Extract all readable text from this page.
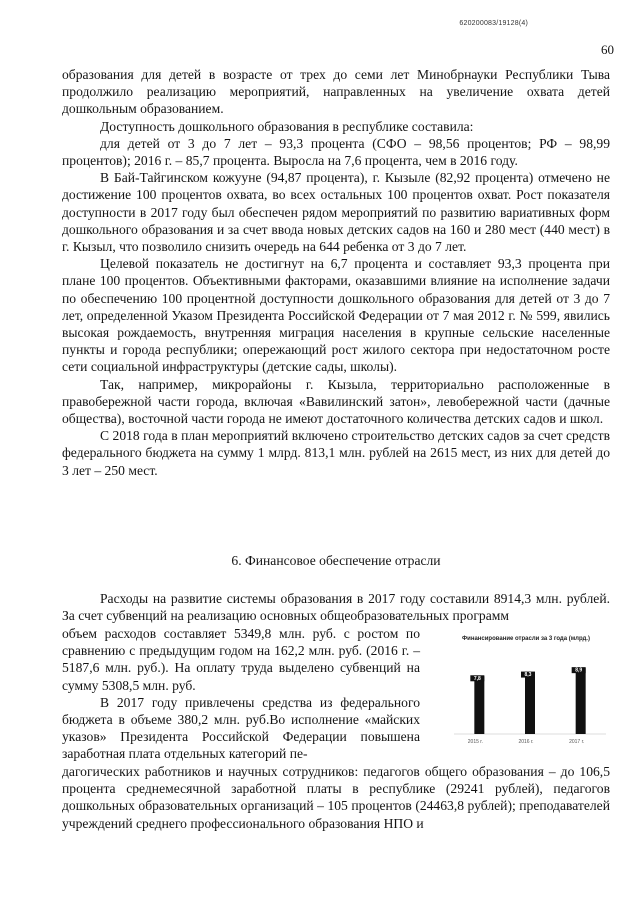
620200083/19128(4)
60

образования для детей в возрасте от трех до семи лет Минобрнауки Республики Тыва продолжило реализацию мероприятий, направленных на увеличение охвата детей дошкольным образованием.

Доступность дошкольного образования в республике составила:

для детей от 3 до 7 лет – 93,3 процента (СФО – 98,56 процентов; РФ – 98,99 процентов); 2016 г. – 85,7 процента. Выросла на 7,6 процента, чем в 2016 году.

В Бай-Тайгинском кожууне (94,87 процента), г. Кызыле (82,92 процента) отмечено не достижение 100 процентов охвата, во всех остальных 100 процентов охват. Рост показателя доступности в 2017 году был обеспечен рядом мероприятий по развитию вариативных форм дошкольного образования и за счет ввода новых детских садов на 160 и 280 мест (440 мест) в г. Кызыл, что позволило снизить очередь на 644 ребенка от 3 до 7 лет.

Целевой показатель не достигнут на 6,7 процента и составляет 93,3 процента при плане 100 процентов. Объективными факторами, оказавшими влияние на исполнение задачи по обеспечению 100 процентной доступности дошкольного образования для детей от 3 до 7 лет, определенной Указом Президента Российской Федерации от 7 мая 2012 г. № 599, явились высокая рождаемость, внутренняя миграция населения в крупные сельские населенные пункты и города республики; опережающий рост жилого сектора при недостаточном росте сети социальной инфраструктуры (детские сады, школы).

Так, например, микрорайоны г. Кызыла, территориально расположенные в правобережной части города, включая «Вавилинский затон», левобережной части (дачные общества), восточной части города не имеют достаточного количества детских садов и школ.

С 2018 года в план мероприятий включено строительство детских садов за счет средств федерального бюджета на сумму 1 млрд. 813,1 млн. рублей на 2615 мест, из них для детей до 3 лет – 250 мест.

6. Финансовое обеспечение отрасли

Расходы на развитие системы образования в 2017 году составили 8914,3 млн. рублей. За счет субвенций на реализацию основных общеобразовательных программ

объем расходов составляет 5349,8 млн. руб. с ростом по сравнению с предыдущим годом на 162,2 млн. руб. (2016 г. – 5187,6 млн. руб.). На оплату труда выделено субвенций на сумму 5308,5 млн. руб.

В 2017 году привлечены средства из федерального бюджета в объеме 380,2 млн. руб.Во исполнение «майских указов» Президента Российской Федерации повышена заработная плата отдельных категорий пе-

дагогических работников и научных сотрудников: педагогов общего образования – до 106,5 процента среднемесячной заработной платы в республике (29241 рублей), педагогов дошкольных образовательных организаций – 105 процентов (24463,8 рублей); преподавателей учреждений среднего профессионального образования НПО и

Финансирование отрасли за 3 года (млрд.)
7,8
2015 г.
8,3
2016 г.
8,9
2017 г.
